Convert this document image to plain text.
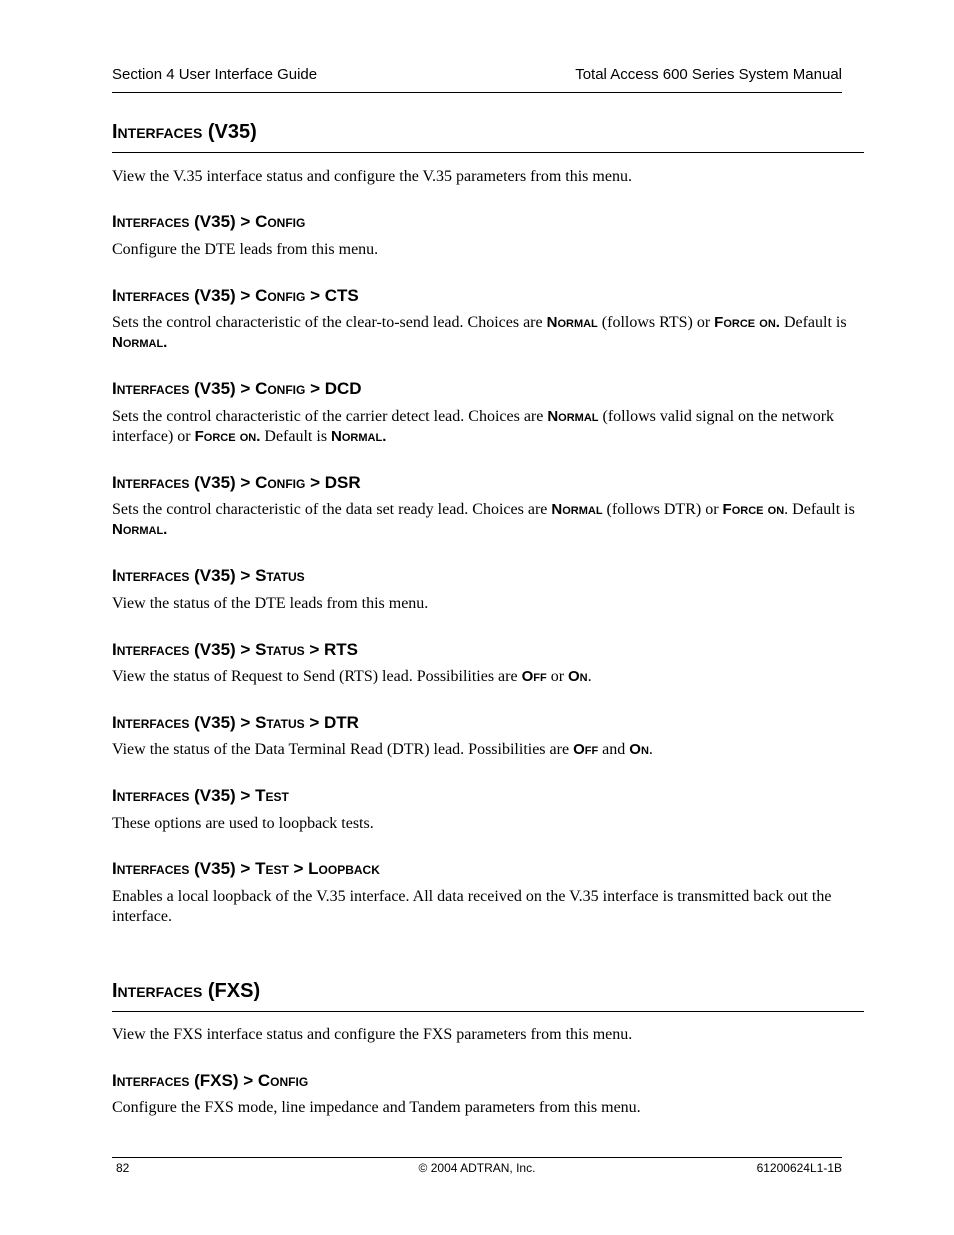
Section 4 User Interface Guide	Total Access 600 Series System Manual
Interfaces (V35)

View the V.35 interface status and configure the V.35 parameters from this menu.

Interfaces (V35) > Config

Configure the DTE leads from this menu.

Interfaces (V35) > Config > CTS

Sets the control characteristic of the clear-to-send lead. Choices are Normal (follows RTS) or Force on. Default is Normal.

Interfaces (V35) > Config > DCD

Sets the control characteristic of the carrier detect lead. Choices are Normal (follows valid signal on the network interface) or Force on. Default is Normal.

Interfaces (V35) > Config > DSR

Sets the control characteristic of the data set ready lead. Choices are Normal (follows DTR) or Force on. Default is Normal.

Interfaces (V35) > Status

View the status of the DTE leads from this menu.

Interfaces (V35) > Status > RTS

View the status of Request to Send (RTS) lead. Possibilities are Off or On.

Interfaces (V35) > Status > DTR

View the status of the Data Terminal Read (DTR) lead. Possibilities are Off and On.

Interfaces (V35) > Test

These options are used to loopback tests.

Interfaces (V35) > Test > Loopback

Enables a local loopback of the V.35 interface. All data received on the V.35 interface is transmitted back out the interface.

Interfaces (FXS)

View the FXS interface status and configure the FXS parameters from this menu.

Interfaces (FXS) > Config

Configure the FXS mode, line impedance and Tandem parameters from this menu.

82	© 2004 ADTRAN, Inc.	61200624L1-1B
